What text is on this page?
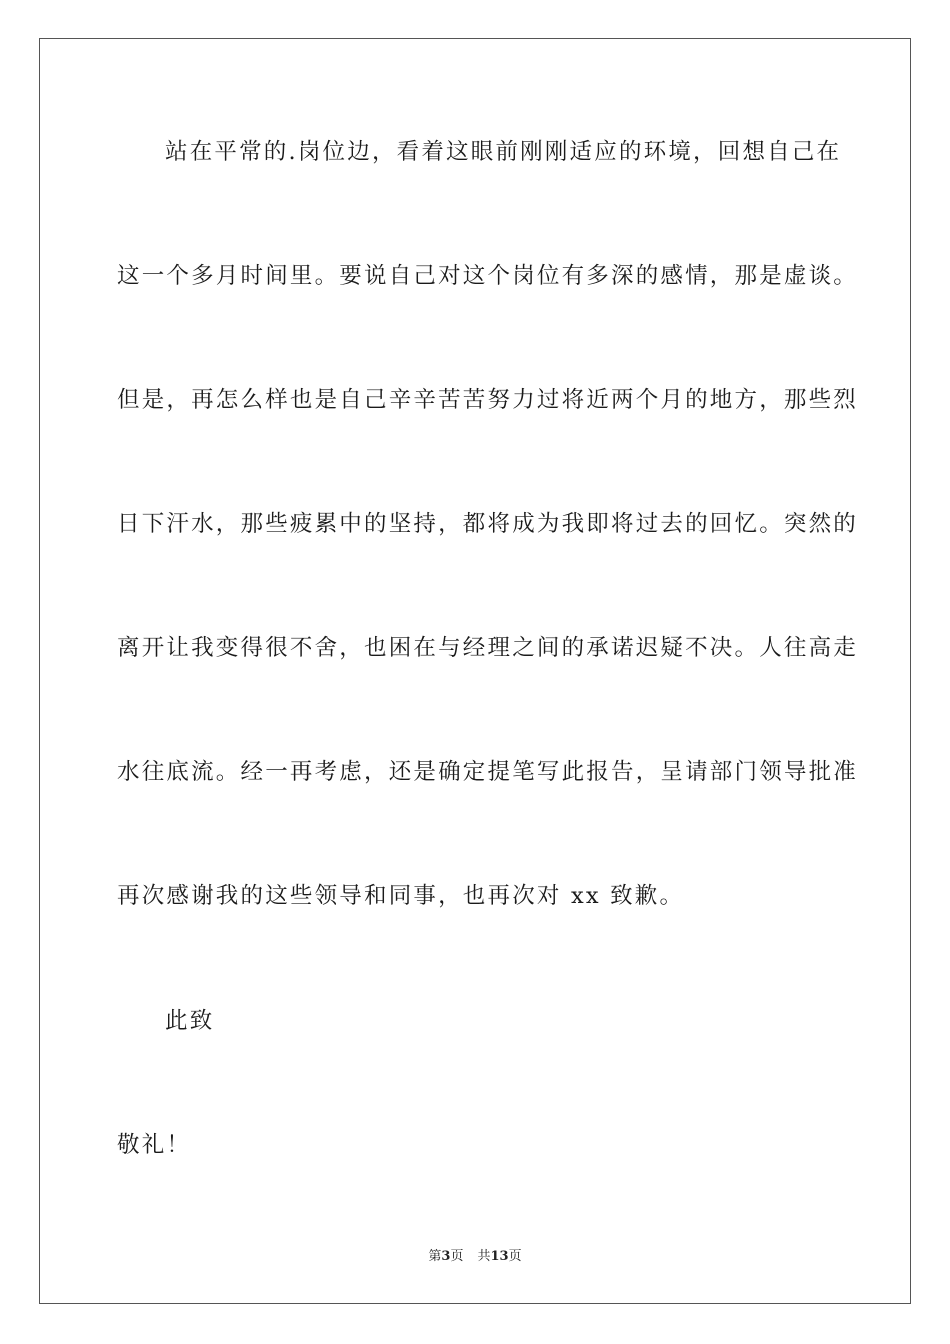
站在平常的.岗位边，看着这眼前刚刚适应的环境，回想自己在
这一个多月时间里。要说自己对这个岗位有多深的感情，那是虚谈。
但是，再怎么样也是自己辛辛苦苦努力过将近两个月的地方，那些烈
日下汗水，那些疲累中的坚持，都将成为我即将过去的回忆。突然的
离开让我变得很不舍，也困在与经理之间的承诺迟疑不决。人往高走
水往底流。经一再考虑，还是确定提笔写此报告，呈请部门领导批准
再次感谢我的这些领导和同事，也再次对 xx 致歉。
此致
敬礼！
第3页 共13页
